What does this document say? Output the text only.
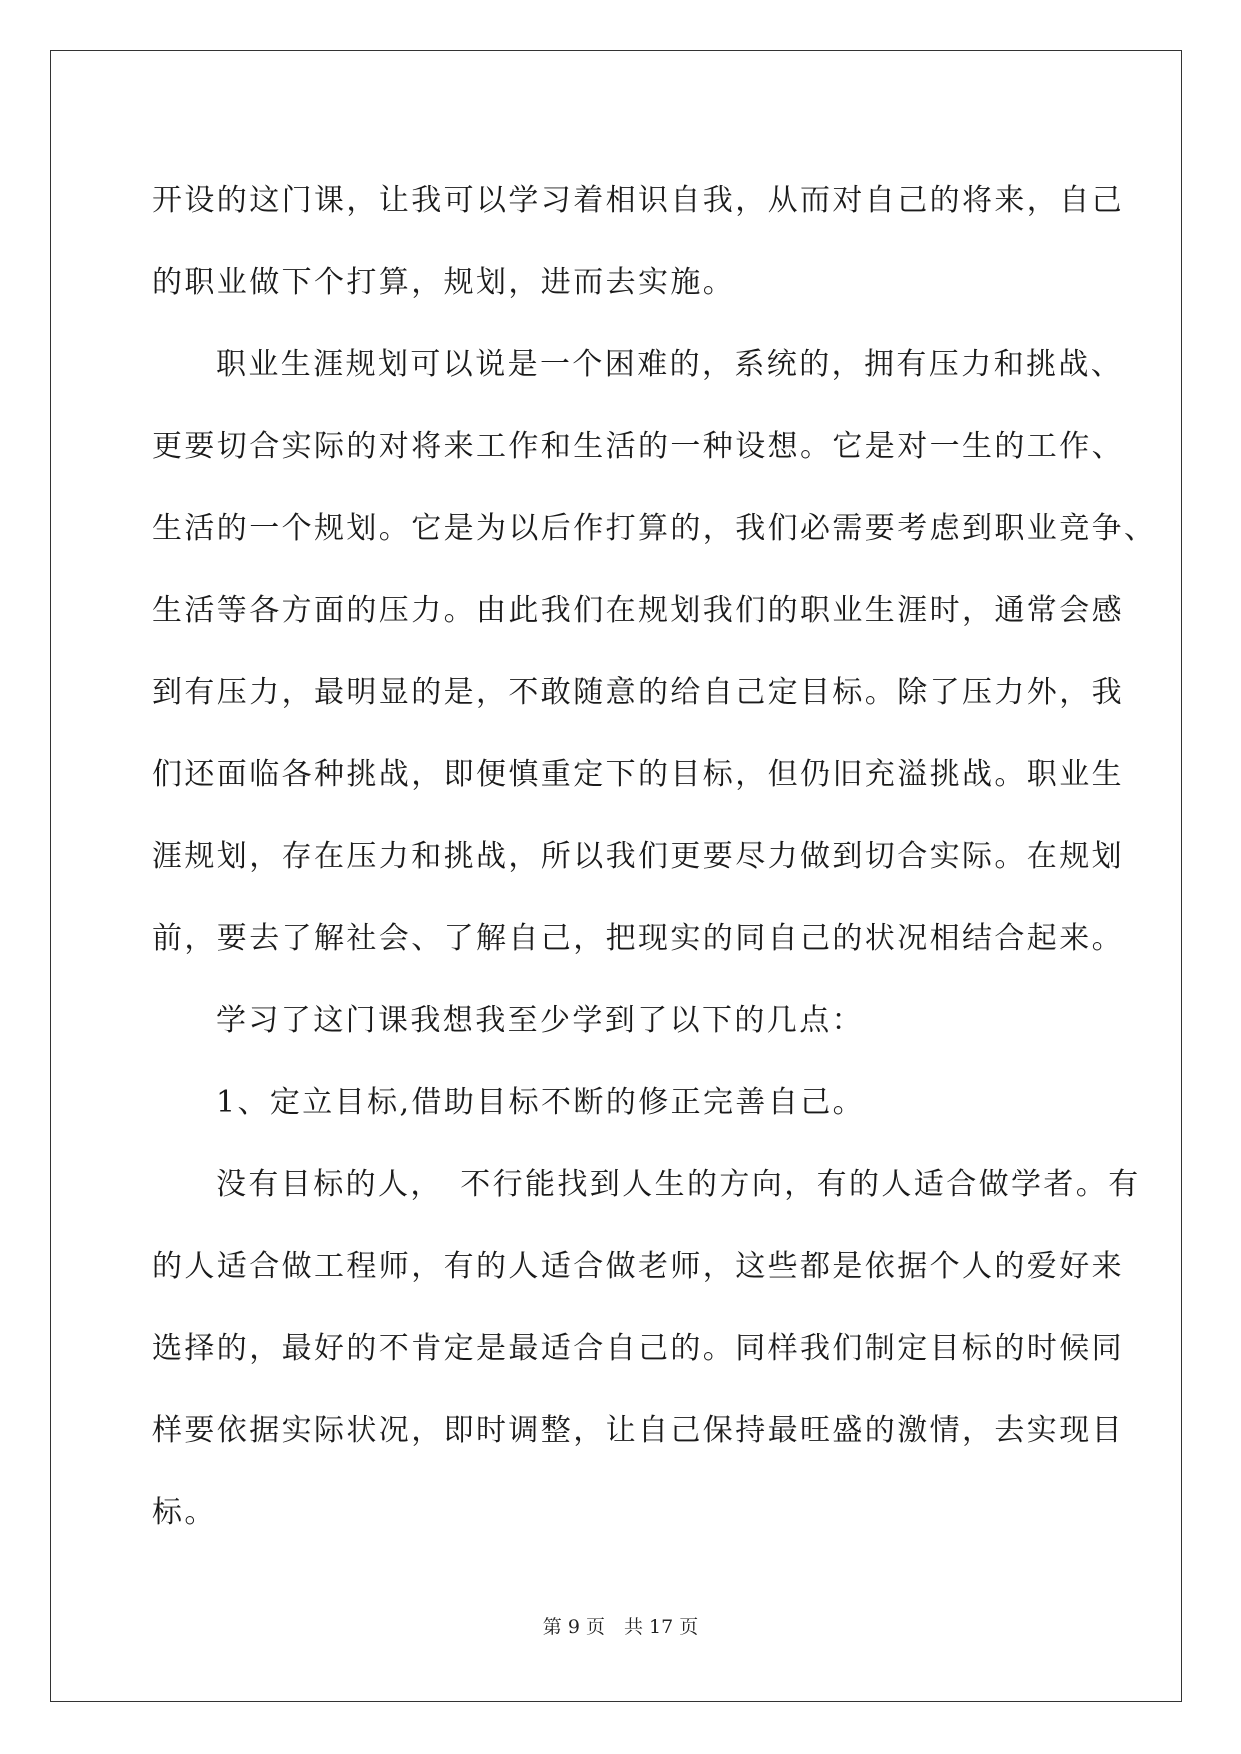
开设的这门课，让我可以学习着相识自我，从而对自己的将来，自己
的职业做下个打算，规划，进而去实施。
职业生涯规划可以说是一个困难的，系统的，拥有压力和挑战、
更要切合实际的对将来工作和生活的一种设想。它是对一生的工作、
生活的一个规划。它是为以后作打算的，我们必需要考虑到职业竞争、
生活等各方面的压力。由此我们在规划我们的职业生涯时，通常会感
到有压力，最明显的是，不敢随意的给自己定目标。除了压力外，我
们还面临各种挑战，即便慎重定下的目标，但仍旧充溢挑战。职业生
涯规划，存在压力和挑战，所以我们更要尽力做到切合实际。在规划
前，要去了解社会、了解自己，把现实的同自己的状况相结合起来。
学习了这门课我想我至少学到了以下的几点：
1、定立目标,借助目标不断的修正完善自己。
没有目标的人，　不行能找到人生的方向，有的人适合做学者。有
的人适合做工程师，有的人适合做老师，这些都是依据个人的爱好来
选择的，最好的不肯定是最适合自己的。同样我们制定目标的时候同
样要依据实际状况，即时调整，让自己保持最旺盛的激情，去实现目
标。
第 9 页　共 17 页
